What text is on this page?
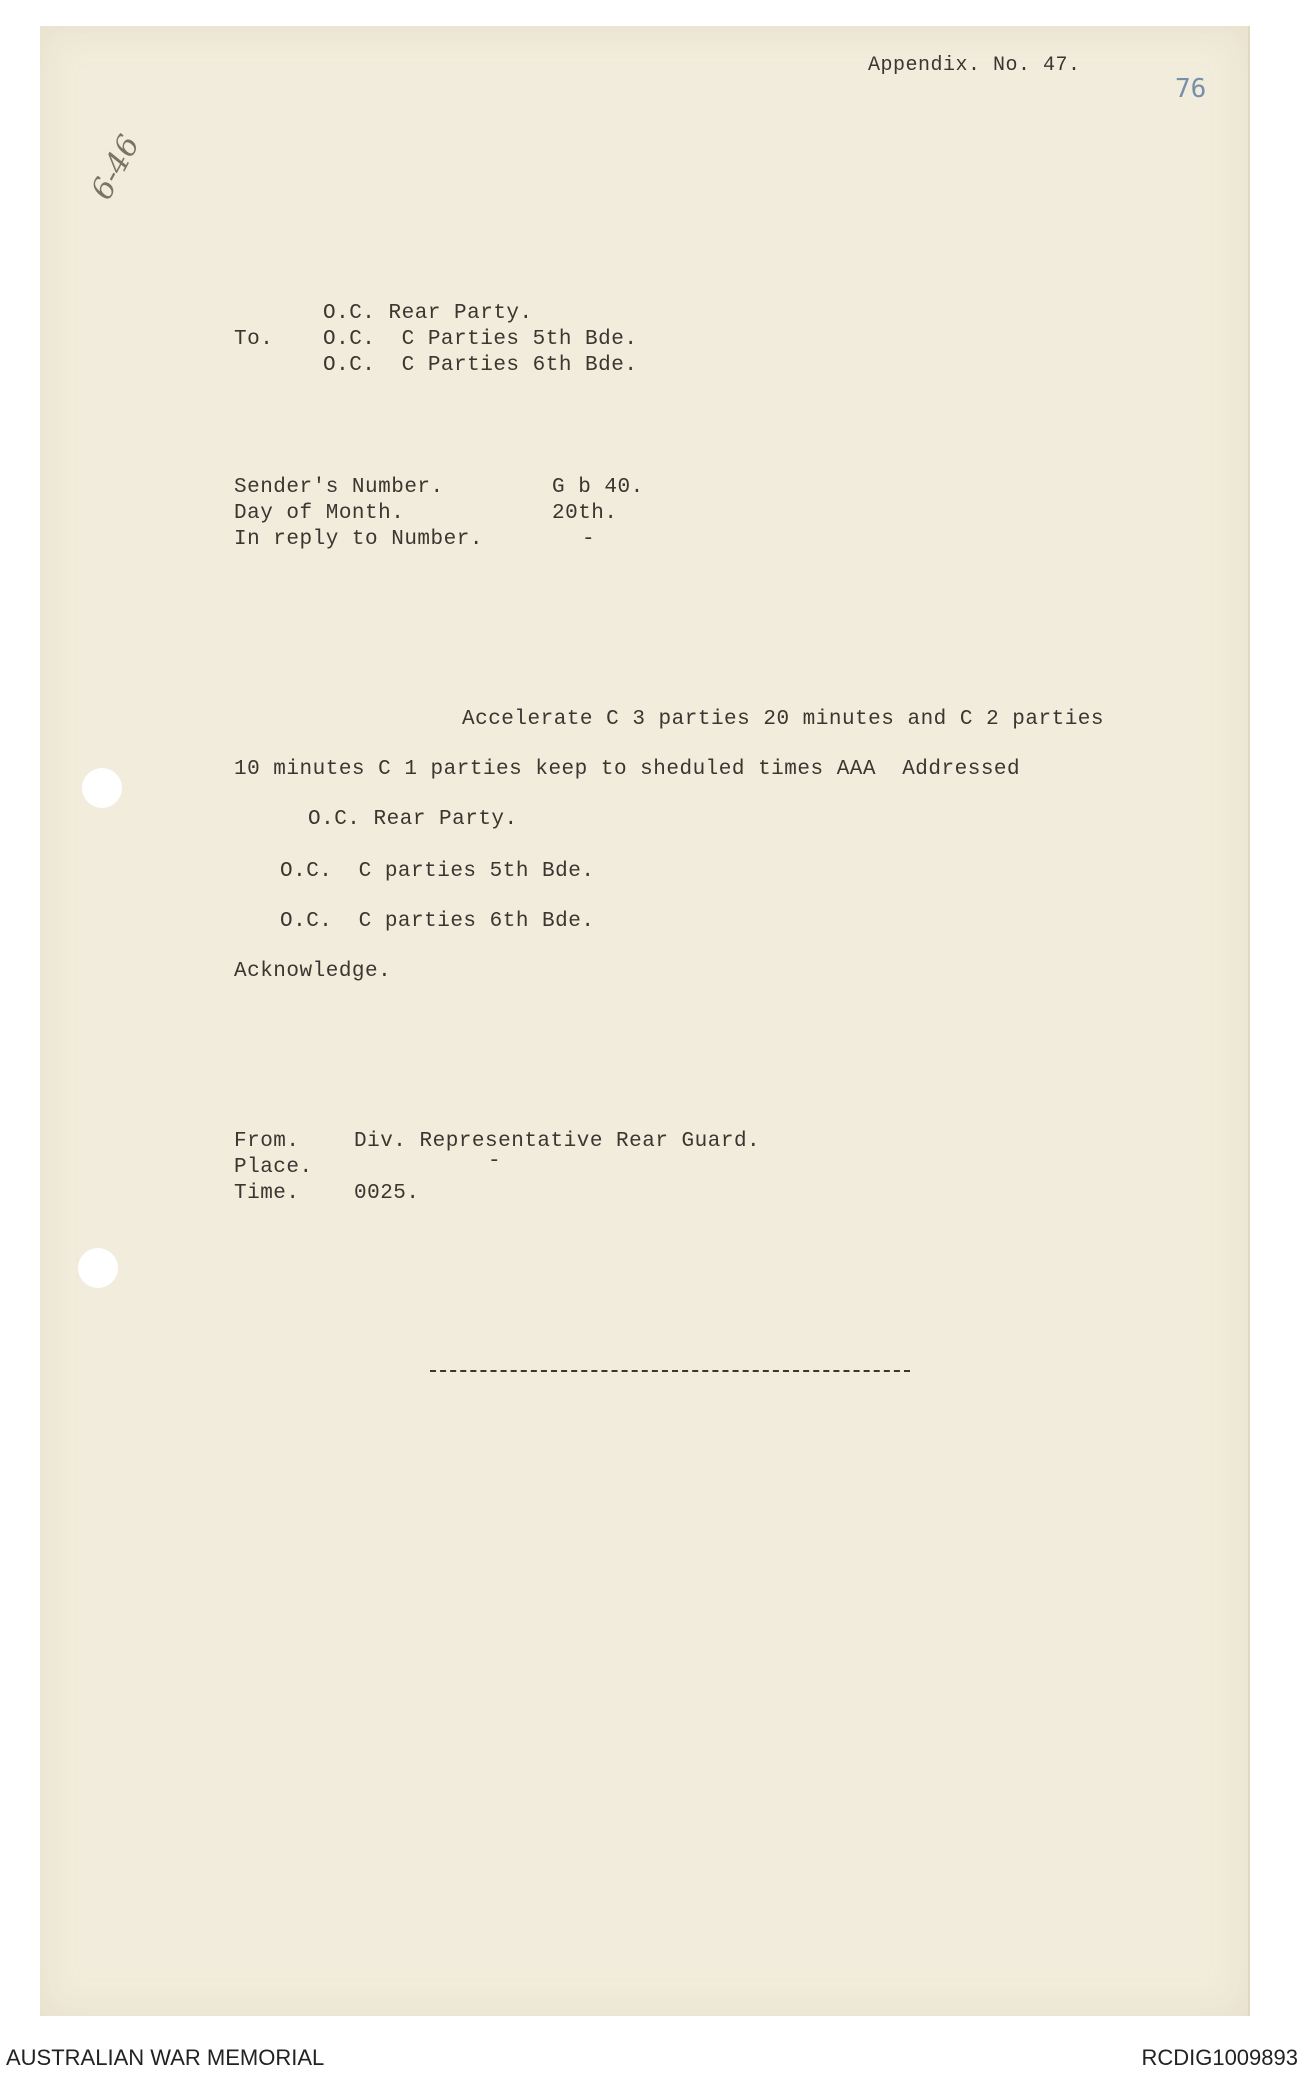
Appendix. No. 47.
76
6-46
To.
O.C. Rear Party.
O.C.  C Parties 5th Bde.
O.C.  C Parties 6th Bde.
Sender's Number.	G b 40.
Day of Month.	20th.
In reply to Number.	-
Accelerate C 3 parties 20 minutes and C 2 parties
10 minutes C 1 parties keep to sheduled times AAA  Addressed
O.C. Rear Party.
O.C.  C parties 5th Bde.
O.C.  C parties 6th Bde.
Acknowledge.
From.	Div. Representative Rear Guard.
Place.	-
Time.	0025.
AUSTRALIAN WAR MEMORIAL	RCDIG1009893
